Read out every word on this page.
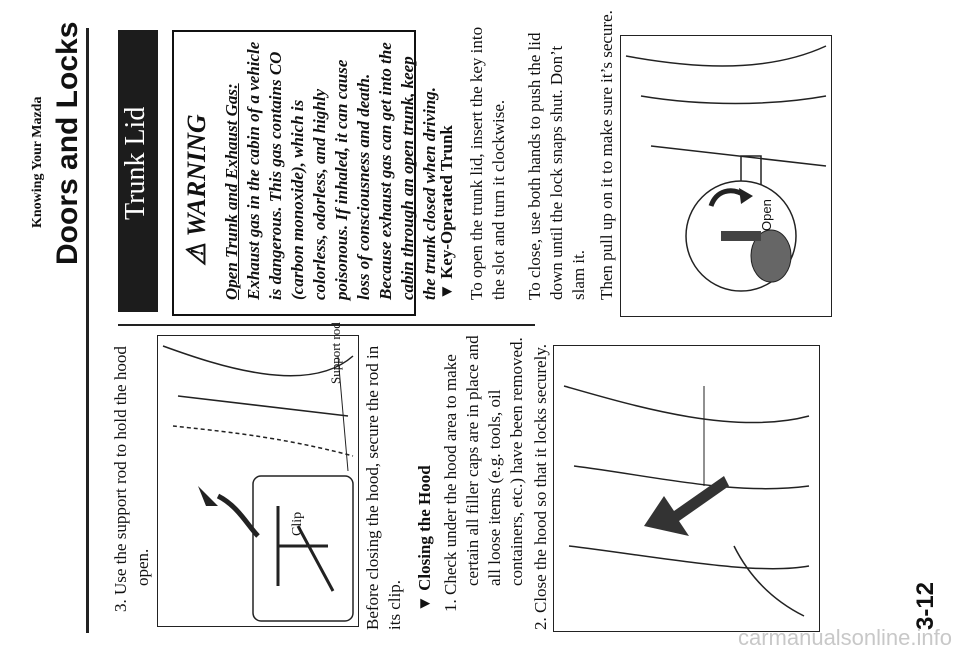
Knowing Your Mazda Doors and Locks
3. Use the support rod to hold the hood open.
Clip
Support rod Before closing the hood, secure the rod in its clip. ▼ Closing the Hood 1. Check under the hood area to make certain all filler caps are in place and all loose items (e.g. tools, oil containers, etc.) have been removed. 2. Close the hood so that it locks securely.
Trunk Lid
⚠ WARNING Open Trunk and Exhaust Gas: Exhaust gas in the cabin of a vehicle is dangerous. This gas contains CO (carbon monoxide), which is colorless, odorless, and highly poisonous. If inhaled, it can cause loss of consciousness and death. Because exhaust gas can get into the cabin through an open trunk, keep the trunk closed when driving.
▼ Key-Operated Trunk To open the trunk lid, insert the key into the slot and turn it clockwise. To close, use both hands to push the lid down until the lock snaps shut. Don’t slam it. Then pull up on it to make sure it’s secure.	Open
3-12
carmanualsonline.info
